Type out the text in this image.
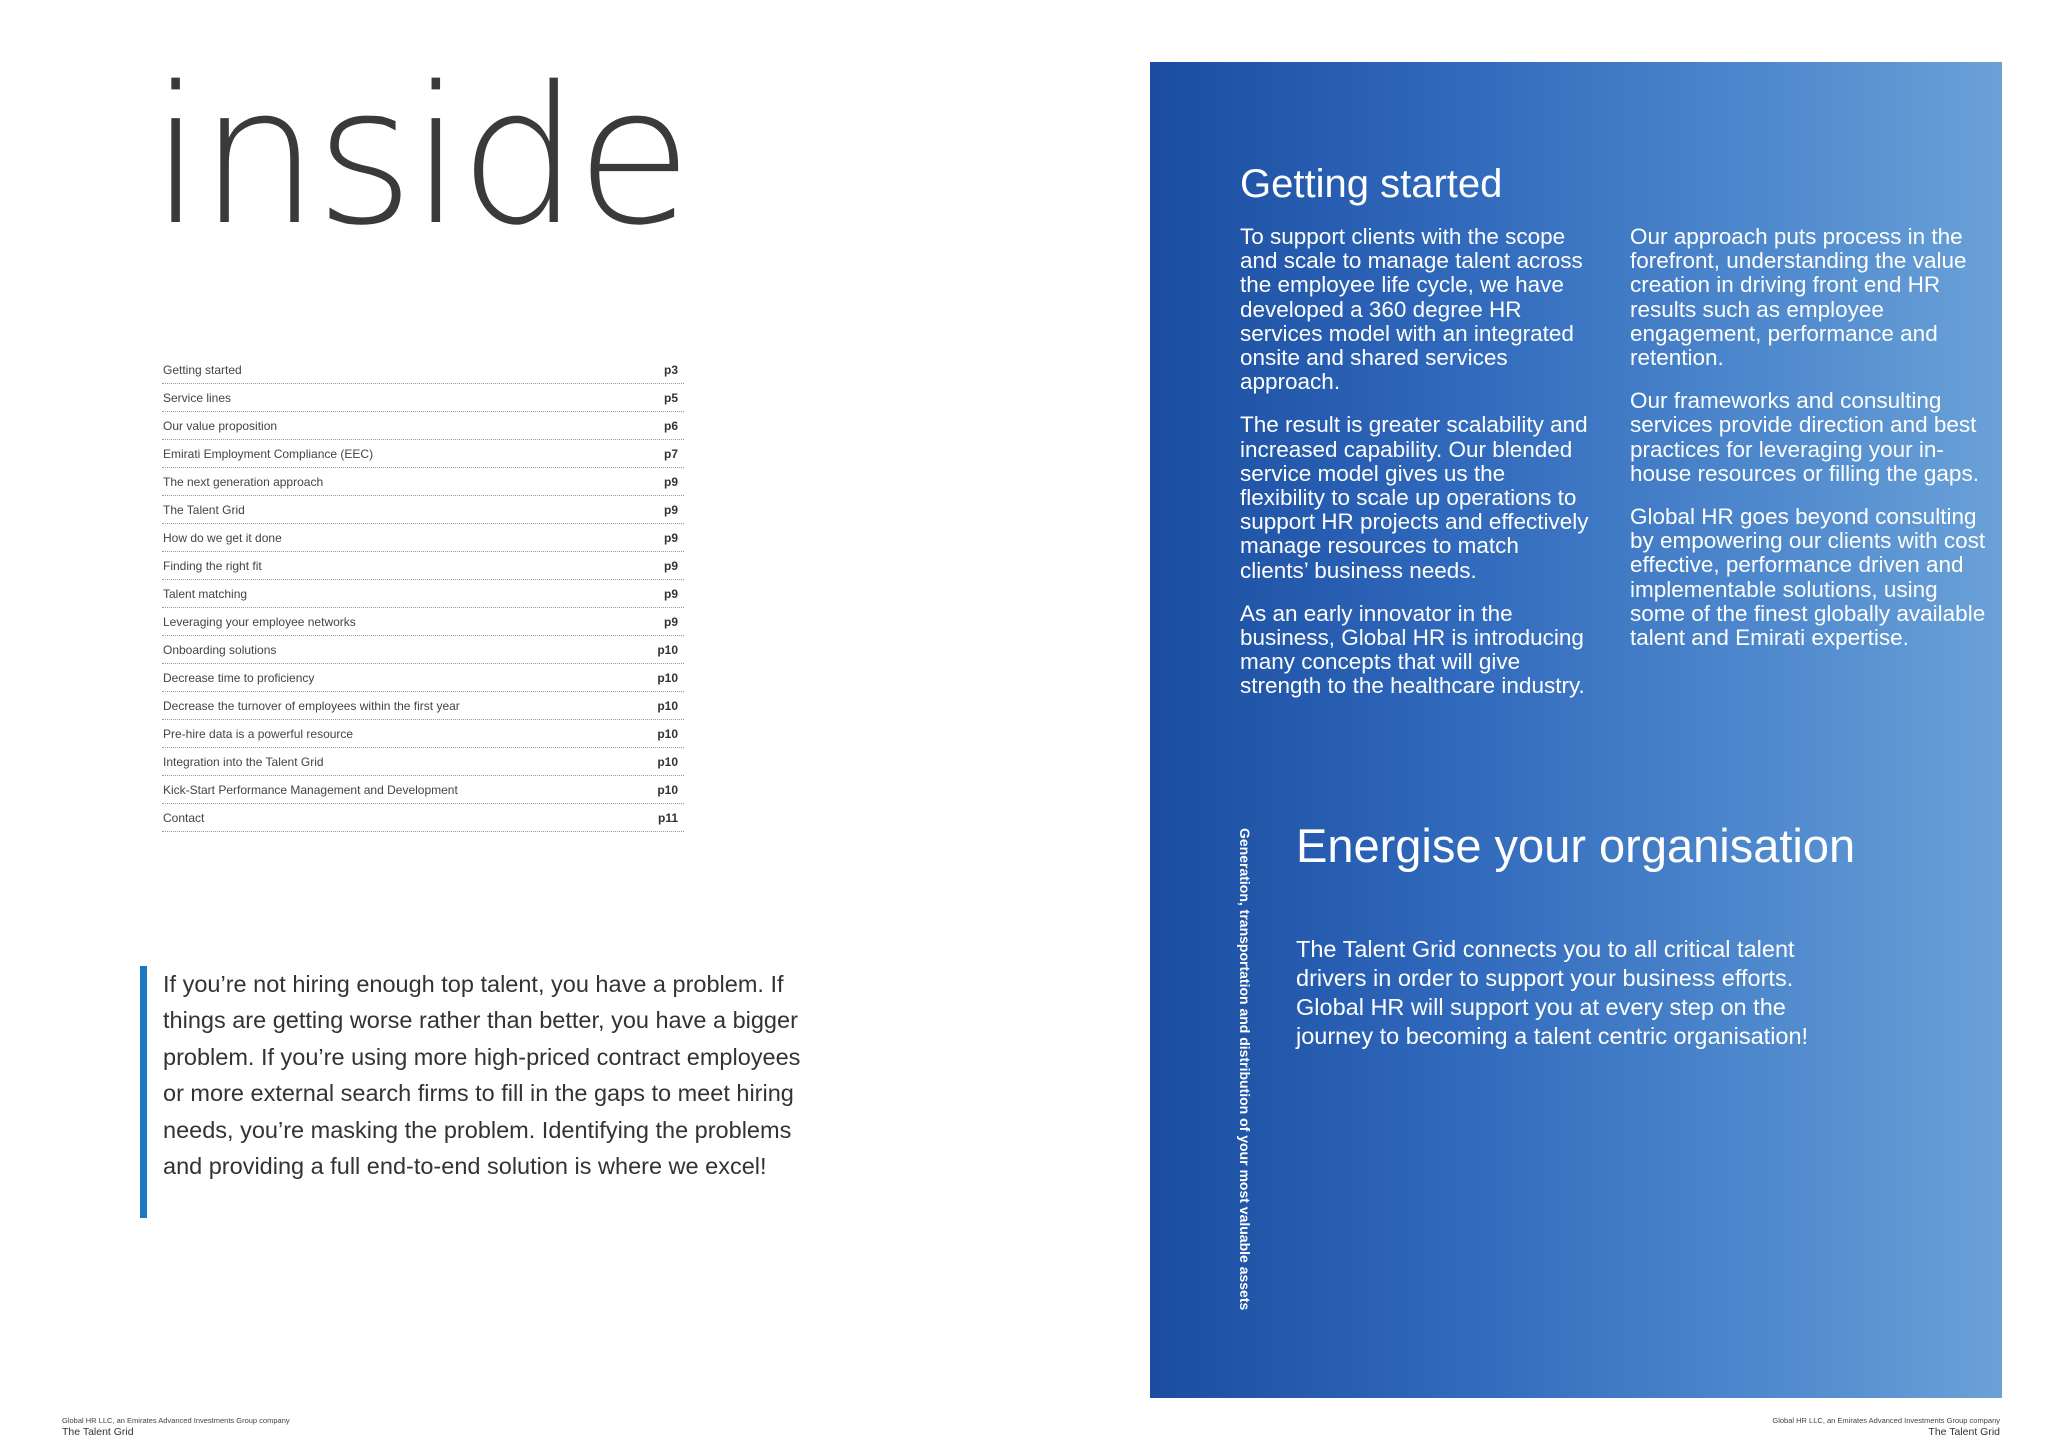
inside
Getting started	p3
Service lines	p5
Our value proposition	p6
Emirati Employment Compliance (EEC)	p7
The next generation approach	p9
The Talent Grid	p9
How do we get it done	p9
Finding the right fit	p9
Talent matching	p9
Leveraging your employee networks	p9
Onboarding solutions	p10
Decrease time to proficiency	p10
Decrease the turnover of employees within the first year	p10
Pre-hire data is a powerful resource	p10
Integration into the Talent Grid	p10
Kick-Start Performance Management and Development	p10
Contact	p11

If you’re not hiring enough top talent, you have a problem. If things are getting worse rather than better, you have a bigger problem. If you’re using more high-priced contract employees or more external search firms to fill in the gaps to meet hiring needs, you’re masking the problem. Identifying the problems and providing a full end-to-end solution is where we excel!

Global HR LLC, an Emirates Advanced Investments Group company
The Talent Grid
Getting started

To support clients with the scope and scale to manage talent across the employee life cycle, we have developed a 360 degree HR services model with an integrated onsite and shared services approach.

The result is greater scalability and increased capability. Our blended service model gives us the flexibility to scale up operations to support HR projects and effectively manage resources to match clients’ business needs.

As an early innovator in the business, Global HR is introducing many concepts that will give strength to the healthcare industry.

Our approach puts process in the forefront, understanding the value creation in driving front end HR results such as employee engagement, performance and retention.

Our frameworks and consulting services provide direction and best practices for leveraging your in-house resources or filling the gaps.

Global HR goes beyond consulting by empowering our clients with cost effective, performance driven and implementable solutions, using some of the finest globally available talent and Emirati expertise.

Generation, transportation and distribution of your most valuable assets Energise your organisation

The Talent Grid connects you to all critical talent drivers in order to support your business efforts. Global HR will support you at every step on the journey to becoming a talent centric organisation!

Global HR LLC, an Emirates Advanced Investments Group company
The Talent Grid
